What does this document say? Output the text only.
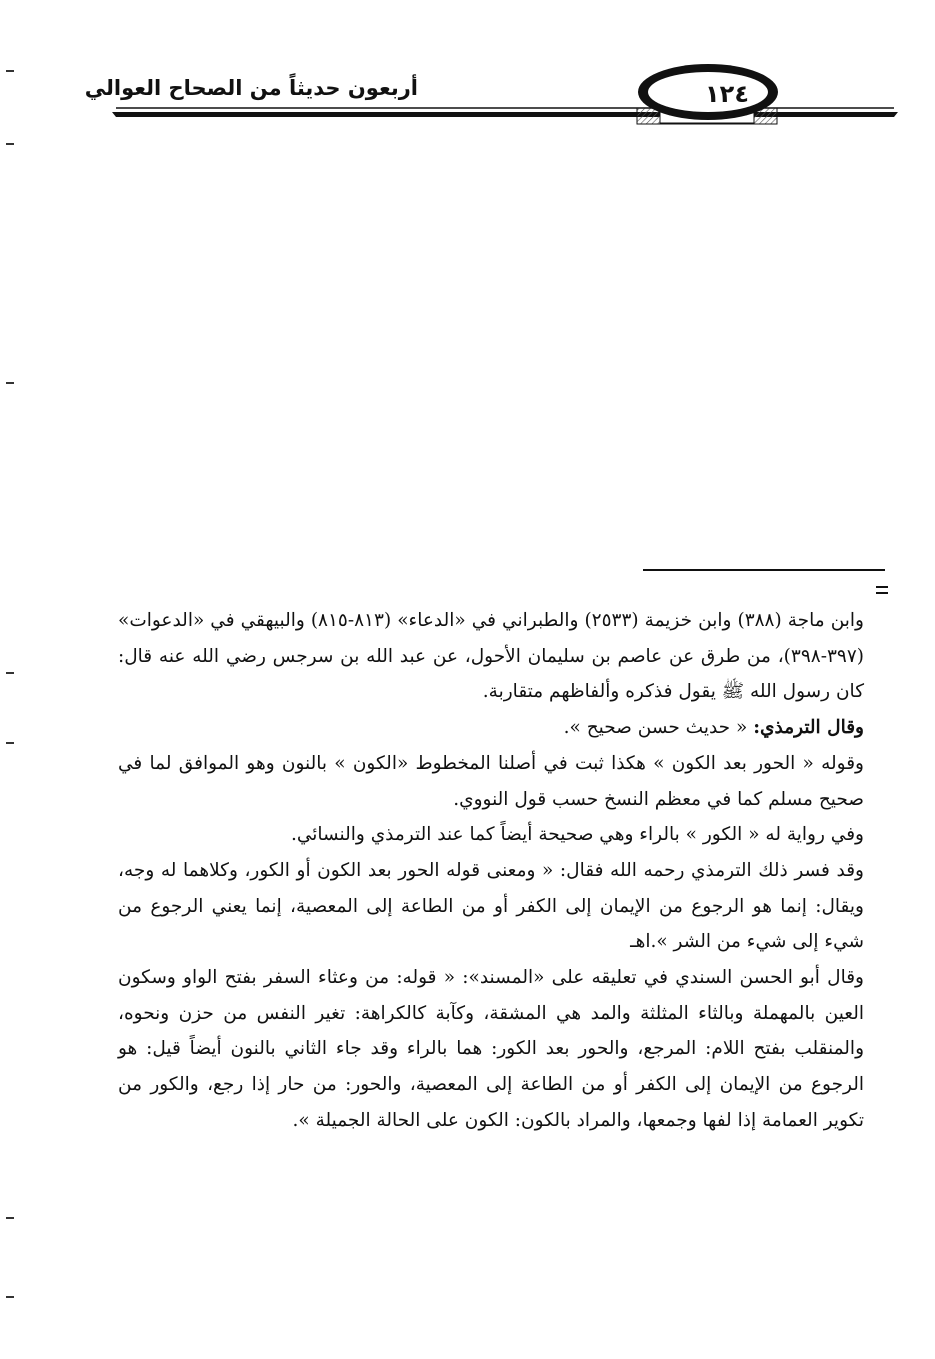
١٢٤
أربعون حديثاً من الصحاح العوالي

وابن ماجة (٣٨٨) وابن خزيمة (٢٥٣٣) والطبراني في «الدعاء» (٨١٣-٨١٥) والبيهقي في «الدعوات» (٣٩٧-٣٩٨)، من طرق عن عاصم بن سليمان الأحول، عن عبد الله بن سرجس رضي الله عنه قال: كان رسول الله ﷺ يقول فذكره وألفاظهم متقاربة.

وقال الترمذي: « حديث حسن صحيح ».

وقوله « الحور بعد الكون » هكذا ثبت في أصلنا المخطوط «الكون » بالنون وهو الموافق لما في صحيح مسلم كما في معظم النسخ حسب قول النووي.

وفي رواية له « الكور » بالراء وهي صحيحة أيضاً كما عند الترمذي والنسائي.

وقد فسر ذلك الترمذي رحمه الله فقال: « ومعنى قوله الحور بعد الكون أو الكور، وكلاهما له وجه، ويقال: إنما هو الرجوع من الإيمان إلى الكفر أو من الطاعة إلى المعصية، إنما يعني الرجوع من شيء إلى شيء من الشر ».اهـ

وقال أبو الحسن السندي في تعليقه على «المسند»: « قوله: من وعثاء السفر بفتح الواو وسكون العين بالمهملة وبالثاء المثلثة والمد هي المشقة، وكآبة كالكراهة: تغير النفس من حزن ونحوه، والمنقلب بفتح اللام: المرجع، والحور بعد الكور: هما بالراء وقد جاء الثاني بالنون أيضاً قيل: هو الرجوع من الإيمان إلى الكفر أو من الطاعة إلى المعصية، والحور: من حار إذا رجع، والكور من تكوير العمامة إذا لفها وجمعها، والمراد بالكون: الكون على الحالة الجميلة ».
